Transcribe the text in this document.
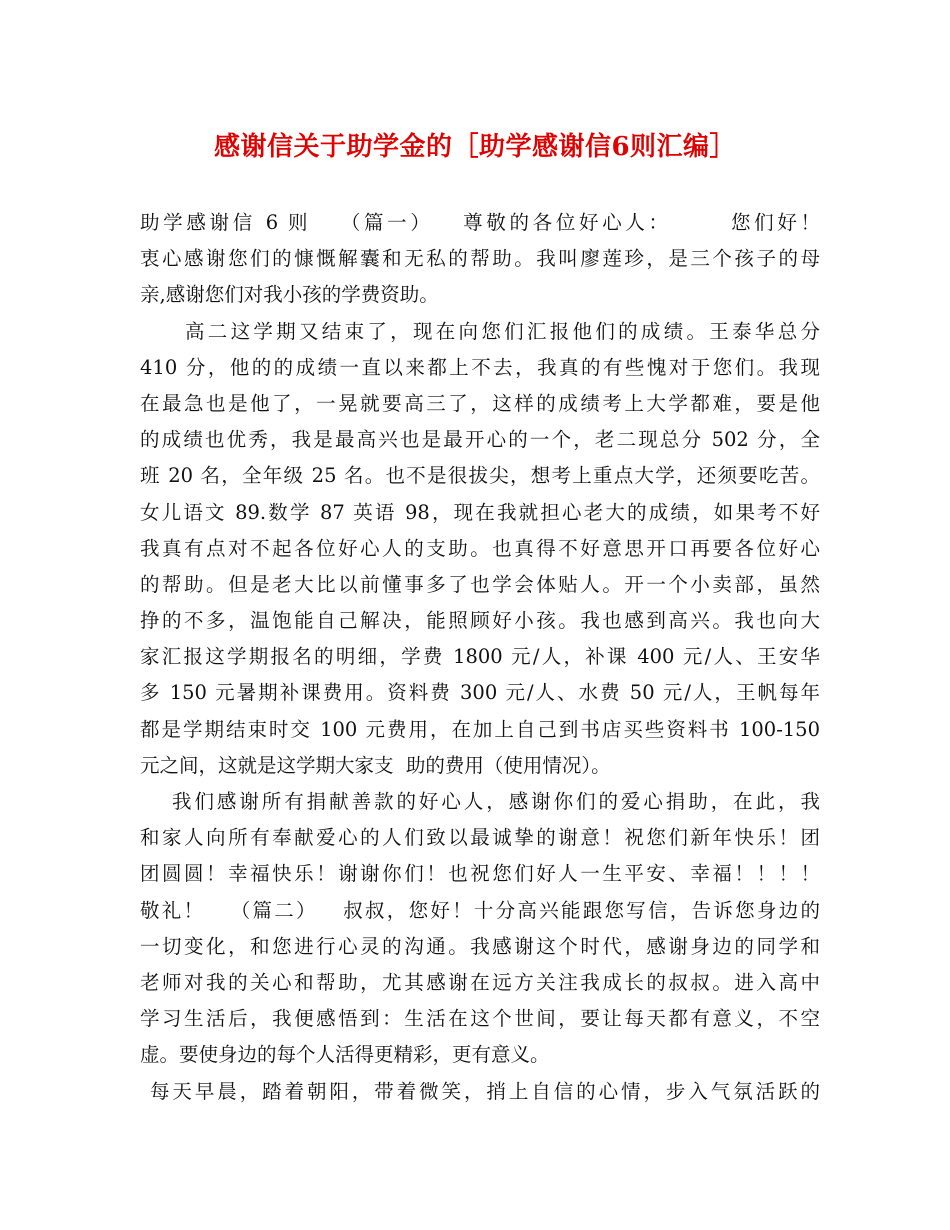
感谢信关于助学金的［助学感谢信6则汇编］
助学感谢信 6 则   （篇一）   尊敬的各位好心人：      您们好！
衷心感谢您们的慷慨解囊和无私的帮助。我叫廖莲珍，是三个孩子的母
亲,感谢您们对我小孩的学费资助。
高二这学期又结束了，现在向您们汇报他们的成绩。王泰华总分
410 分，他的的成绩一直以来都上不去，我真的有些愧对于您们。我现
在最急也是他了，一晃就要高三了，这样的成绩考上大学都难，要是他
的成绩也优秀，我是最高兴也是最开心的一个，老二现总分 502 分，全
班 20 名，全年级 25 名。也不是很拔尖，想考上重点大学，还须要吃苦。
女儿语文 89.数学 87 英语 98，现在我就担心老大的成绩，如果考不好
我真有点对不起各位好心人的支助。也真得不好意思开口再要各位好心
的帮助。但是老大比以前懂事多了也学会体贴人。开一个小卖部，虽然
挣的不多，温饱能自己解决，能照顾好小孩。我也感到高兴。我也向大
家汇报这学期报名的明细，学费 1800 元/人，补课 400 元/人、王安华
多 150 元暑期补课费用。资料费 300 元/人、水费 50 元/人，王帆每年
都是学期结束时交 100 元费用，在加上自己到书店买些资料书 100-150
元之间，这就是这学期大家支  助的费用（使用情况）。
我们感谢所有捐献善款的好心人，感谢你们的爱心捐助，在此，我
和家人向所有奉献爱心的人们致以最诚挚的谢意！祝您们新年快乐！团
团圆圆！幸福快乐！谢谢你们！也祝您们好人一生平安、幸福！！！！
敬礼！   （篇二）   叔叔，您好！十分高兴能跟您写信，告诉您身边的
一切变化，和您进行心灵的沟通。我感谢这个时代，感谢身边的同学和
老师对我的关心和帮助，尤其感谢在远方关注我成长的叔叔。进入高中
学习生活后，我便感悟到：生活在这个世间，要让每天都有意义，不空
虚。要使身边的每个人活得更精彩，更有意义。
每天早晨，踏着朝阳，带着微笑，捎上自信的心情，步入气氛活跃的
